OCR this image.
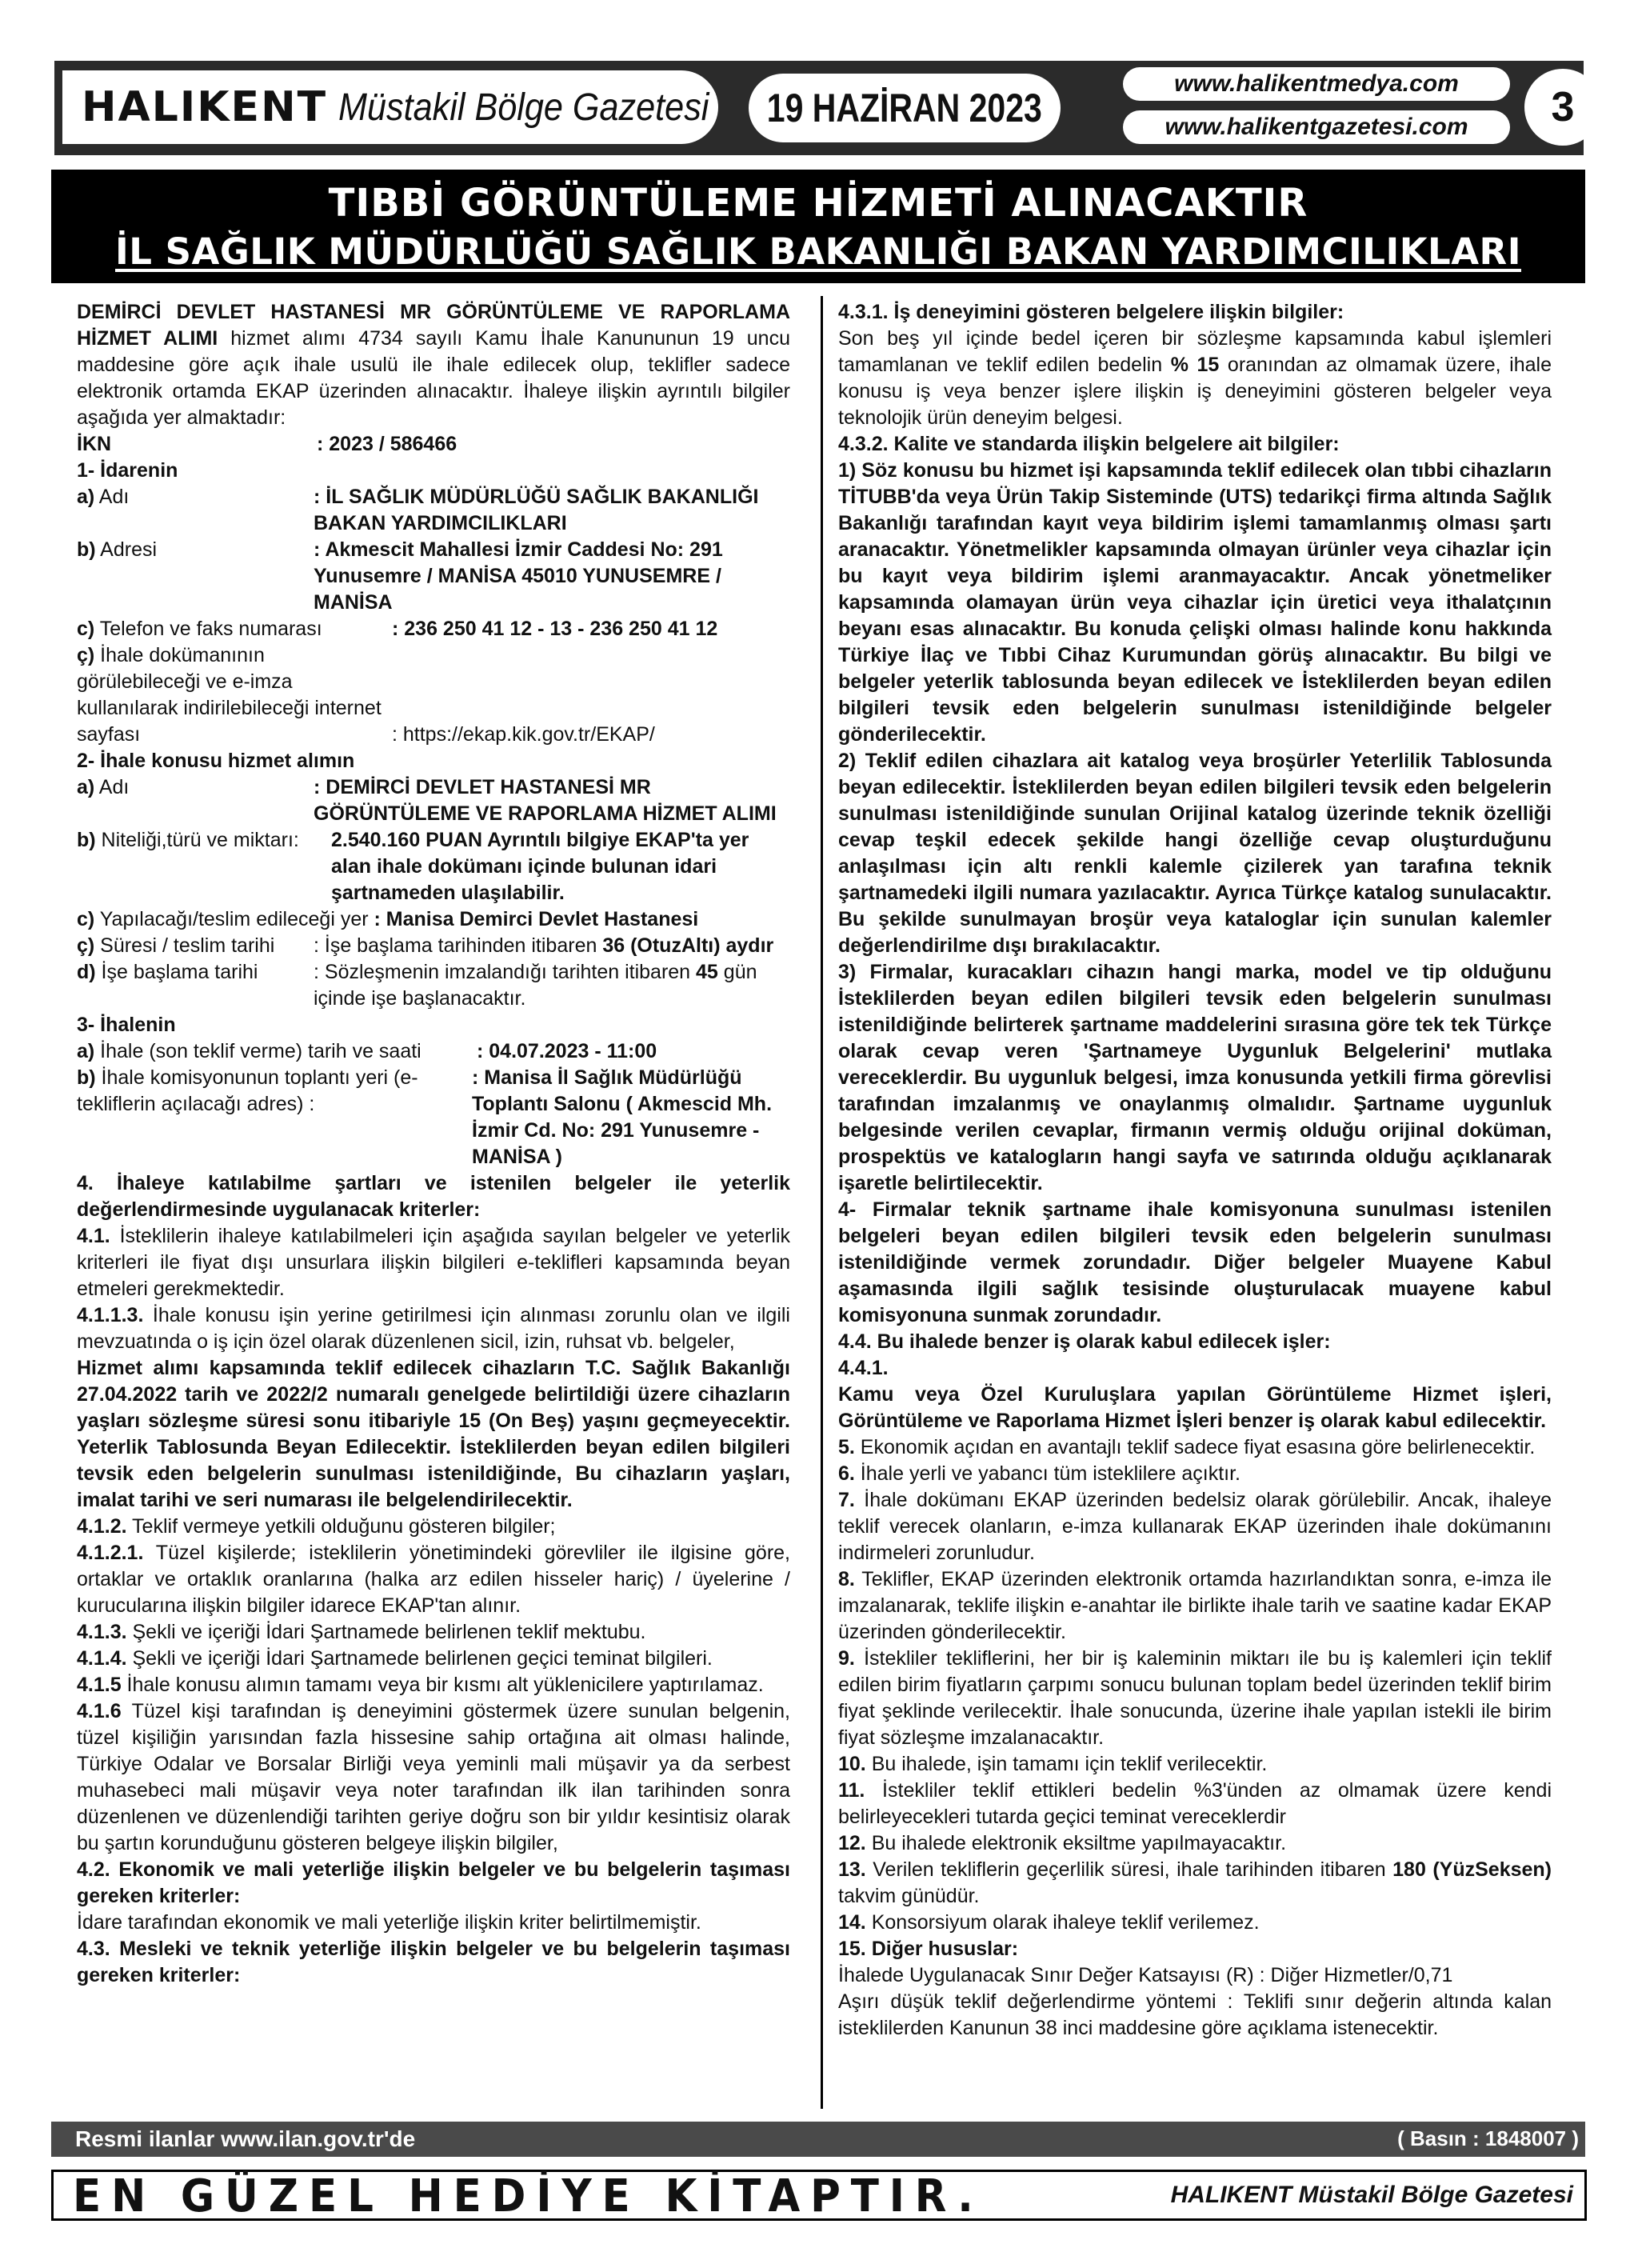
HALIKENT Müstakil Bölge Gazetesi 19 HAZİRAN 2023
www.halikentmedya.com
www.halikentgazetesi.com	3
TIBBİ GÖRÜNTÜLEME HİZMETİ ALINACAKTIR
İL SAĞLIK MÜDÜRLÜĞÜ SAĞLIK BAKANLIĞI BAKAN YARDIMCILIKLARI

DEMİRCİ DEVLET HASTANESİ MR GÖRÜNTÜLEME VE RAPORLAMA HİZMET ALIMI hizmet alımı 4734 sayılı Kamu İhale Kanununun 19 uncu maddesine göre açık ihale usulü ile ihale edilecek olup, teklifler sadece elektronik ortamda EKAP üzerinden alınacaktır. İhaleye ilişkin ayrıntılı bilgiler aşağıda yer almaktadır:

İKN	: 2023 / 586466

1- İdarenin

a) Adı	: İL SAĞLIK MÜDÜRLÜĞÜ SAĞLIK BAKANLIĞI BAKAN YARDIMCILIKLARI
b) Adresi	: Akmescit Mahallesi İzmir Caddesi No: 291 Yunusemre / MANİSA 45010 YUNUSEMRE / MANİSA
c) Telefon ve faks numarası	: 236 250 41 12 - 13 - 236 250 41 12
ç) İhale dokümanının görülebileceği ve e-imza kullanılarak indirilebileceği internet sayfası	: https://ekap.kik.gov.tr/EKAP/

2- İhale konusu hizmet alımın

a) Adı	: DEMİRCİ DEVLET HASTANESİ MR GÖRÜNTÜLEME VE RAPORLAMA HİZMET ALIMI
b) Niteliği,türü ve miktarı:	2.540.160 PUAN Ayrıntılı bilgiye EKAP'ta yer alan ihale dokümanı içinde bulunan idari şartnameden ulaşılabilir.

c) Yapılacağı/teslim edileceği yer : Manisa Demirci Devlet Hastanesi

ç) Süresi / teslim tarihi	: İşe başlama tarihinden itibaren 36 (OtuzAltı) aydır
d) İşe başlama tarihi	: Sözleşmenin imzalandığı tarihten itibaren 45 gün içinde işe başlanacaktır.

3- İhalenin

a) İhale (son teklif verme) tarih ve saati	: 04.07.2023 - 11:00
b) İhale komisyonunun toplantı yeri (e-tekliflerin açılacağı adres) :
: Manisa İl Sağlık Müdürlüğü Toplantı Salonu ( Akmescid Mh. İzmir Cd. No: 291 Yunusemre - MANİSA )

4. İhaleye katılabilme şartları ve istenilen belgeler ile yeterlik değerlendirmesinde uygulanacak kriterler:

4.1. İsteklilerin ihaleye katılabilmeleri için aşağıda sayılan belgeler ve yeterlik kriterleri ile fiyat dışı unsurlara ilişkin bilgileri e-teklifleri kapsamında beyan etmeleri gerekmektedir.

4.1.1.3. İhale konusu işin yerine getirilmesi için alınması zorunlu olan ve ilgili mevzuatında o iş için özel olarak düzenlenen sicil, izin, ruhsat vb. belgeler,

Hizmet alımı kapsamında teklif edilecek cihazların T.C. Sağlık Bakanlığı 27.04.2022 tarih ve 2022/2 numaralı genelgede belirtildiği üzere cihazların yaşları sözleşme süresi sonu itibariyle 15 (On Beş) yaşını geçmeyecektir. Yeterlik Tablosunda Beyan Edilecektir. İsteklilerden beyan edilen bilgileri tevsik eden belgelerin sunulması istenildiğinde, Bu cihazların yaşları, imalat tarihi ve seri numarası ile belgelendirilecektir.

4.1.2. Teklif vermeye yetkili olduğunu gösteren bilgiler;

4.1.2.1. Tüzel kişilerde; isteklilerin yönetimindeki görevliler ile ilgisine göre, ortaklar ve ortaklık oranlarına (halka arz edilen hisseler hariç) / üyelerine / kurucularına ilişkin bilgiler idarece EKAP'tan alınır.

4.1.3. Şekli ve içeriği İdari Şartnamede belirlenen teklif mektubu.

4.1.4. Şekli ve içeriği İdari Şartnamede belirlenen geçici teminat bilgileri.

4.1.5 İhale konusu alımın tamamı veya bir kısmı alt yüklenicilere yaptırılamaz.

4.1.6 Tüzel kişi tarafından iş deneyimini göstermek üzere sunulan belgenin, tüzel kişiliğin yarısından fazla hissesine sahip ortağına ait olması halinde, Türkiye Odalar ve Borsalar Birliği veya yeminli mali müşavir ya da serbest muhasebeci mali müşavir veya noter tarafından ilk ilan tarihinden sonra düzenlenen ve düzenlendiği tarihten geriye doğru son bir yıldır kesintisiz olarak bu şartın korunduğunu gösteren belgeye ilişkin bilgiler,

4.2. Ekonomik ve mali yeterliğe ilişkin belgeler ve bu belgelerin taşıması gereken kriterler:

İdare tarafından ekonomik ve mali yeterliğe ilişkin kriter belirtilmemiştir.

4.3. Mesleki ve teknik yeterliğe ilişkin belgeler ve bu belgelerin taşıması gereken kriterler:

4.3.1. İş deneyimini gösteren belgelere ilişkin bilgiler:

Son beş yıl içinde bedel içeren bir sözleşme kapsamında kabul işlemleri tamamlanan ve teklif edilen bedelin % 15 oranından az olmamak üzere, ihale konusu iş veya benzer işlere ilişkin iş deneyimini gösteren belgeler veya teknolojik ürün deneyim belgesi.

4.3.2. Kalite ve standarda ilişkin belgelere ait bilgiler:

1) Söz konusu bu hizmet işi kapsamında teklif edilecek olan tıbbi cihazların TİTUBB'da veya Ürün Takip Sisteminde (UTS) tedarikçi firma altında Sağlık Bakanlığı tarafından kayıt veya bildirim işlemi tamamlanmış olması şartı aranacaktır. Yönetmelikler kapsamında olmayan ürünler veya cihazlar için bu kayıt veya bildirim işlemi aranmayacaktır. Ancak yönetmeliker kapsamında olamayan ürün veya cihazlar için üretici veya ithalatçının beyanı esas alınacaktır. Bu konuda çelişki olması halinde konu hakkında Türkiye İlaç ve Tıbbi Cihaz Kurumundan görüş alınacaktır. Bu bilgi ve belgeler yeterlik tablosunda beyan edilecek ve İsteklilerden beyan edilen bilgileri tevsik eden belgelerin sunulması istenildiğinde belgeler gönderilecektir.

2) Teklif edilen cihazlara ait katalog veya broşürler Yeterlilik Tablosunda beyan edilecektir. İsteklilerden beyan edilen bilgileri tevsik eden belgelerin sunulması istenildiğinde sunulan Orijinal katalog üzerinde teknik özelliği cevap teşkil edecek şekilde hangi özelliğe cevap oluşturduğunu anlaşılması için altı renkli kalemle çizilerek yan tarafına teknik şartnamedeki ilgili numara yazılacaktır. Ayrıca Türkçe katalog sunulacaktır. Bu şekilde sunulmayan broşür veya kataloglar için sunulan kalemler değerlendirilme dışı bırakılacaktır.

3) Firmalar, kuracakları cihazın hangi marka, model ve tip olduğunu İsteklilerden beyan edilen bilgileri tevsik eden belgelerin sunulması istenildiğinde belirterek şartname maddelerini sırasına göre tek tek Türkçe olarak cevap veren 'Şartnameye Uygunluk Belgelerini' mutlaka vereceklerdir. Bu uygunluk belgesi, imza konusunda yetkili firma görevlisi tarafından imzalanmış ve onaylanmış olmalıdır. Şartname uygunluk belgesinde verilen cevaplar, firmanın vermiş olduğu orijinal doküman, prospektüs ve katalogların hangi sayfa ve satırında olduğu açıklanarak işaretle belirtilecektir.

4- Firmalar teknik şartname ihale komisyonuna sunulması istenilen belgeleri beyan edilen bilgileri tevsik eden belgelerin sunulması istenildiğinde vermek zorundadır. Diğer belgeler Muayene Kabul aşamasında ilgili sağlık tesisinde oluşturulacak muayene kabul komisyonuna sunmak zorundadır.

4.4. Bu ihalede benzer iş olarak kabul edilecek işler:

4.4.1.

Kamu veya Özel Kuruluşlara yapılan Görüntüleme Hizmet işleri, Görüntüleme ve Raporlama Hizmet İşleri benzer iş olarak kabul edilecektir.

5. Ekonomik açıdan en avantajlı teklif sadece fiyat esasına göre belirlenecektir.

6. İhale yerli ve yabancı tüm isteklilere açıktır.

7. İhale dokümanı EKAP üzerinden bedelsiz olarak görülebilir. Ancak, ihaleye teklif verecek olanların, e-imza kullanarak EKAP üzerinden ihale dokümanını indirmeleri zorunludur.

8. Teklifler, EKAP üzerinden elektronik ortamda hazırlandıktan sonra, e-imza ile imzalanarak, teklife ilişkin e-anahtar ile birlikte ihale tarih ve saatine kadar EKAP üzerinden gönderilecektir.

9. İstekliler tekliflerini, her bir iş kaleminin miktarı ile bu iş kalemleri için teklif edilen birim fiyatların çarpımı sonucu bulunan toplam bedel üzerinden teklif birim fiyat şeklinde verilecektir. İhale sonucunda, üzerine ihale yapılan istekli ile birim fiyat sözleşme imzalanacaktır.

10. Bu ihalede, işin tamamı için teklif verilecektir.

11. İstekliler teklif ettikleri bedelin %3'ünden az olmamak üzere kendi belirleyecekleri tutarda geçici teminat vereceklerdir

12. Bu ihalede elektronik eksiltme yapılmayacaktır.

13. Verilen tekliflerin geçerlilik süresi, ihale tarihinden itibaren 180 (YüzSeksen) takvim günüdür.

14. Konsorsiyum olarak ihaleye teklif verilemez.

15. Diğer hususlar:

İhalede Uygulanacak Sınır Değer Katsayısı (R) : Diğer Hizmetler/0,71

Aşırı düşük teklif değerlendirme yöntemi : Teklifi sınır değerin altında kalan isteklilerden Kanunun 38 inci maddesine göre açıklama istenecektir.

Resmi ilanlar www.ilan.gov.tr'de	( Basın : 1848007 )
EN GÜZEL HEDİYE KİTAPTIR.	HALIKENT Müstakil Bölge Gazetesi
